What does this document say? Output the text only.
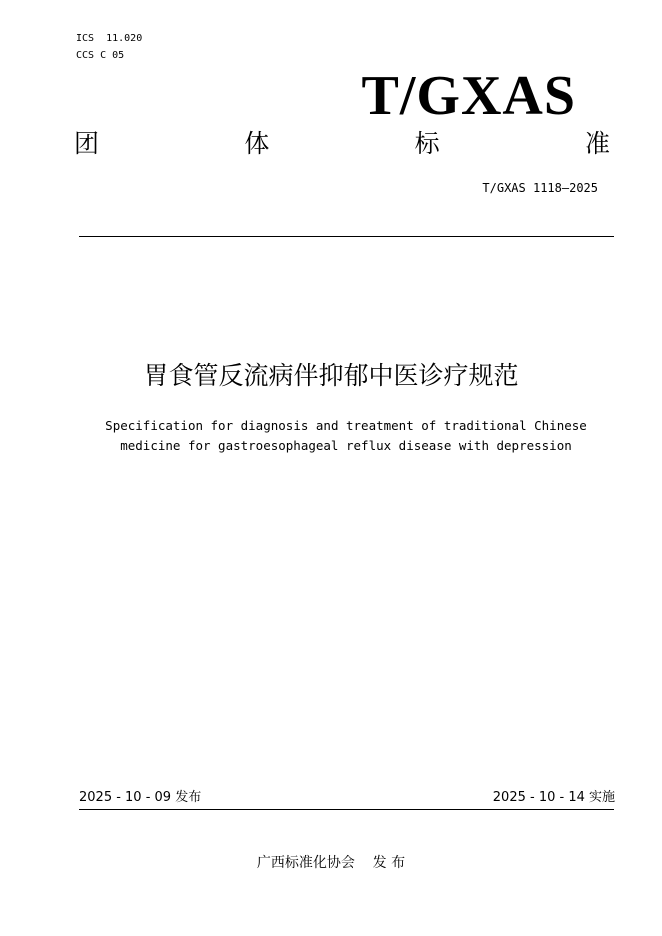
ICS  11.020
CCS C 05
T/GXAS
团	体	标	准
T/GXAS 1118—2025
胃食管反流病伴抑郁中医诊疗规范
Specification for diagnosis and treatment of traditional Chinese
medicine for gastroesophageal reflux disease with depression
2025 - 10 - 09 发布	2025 - 10 - 14 实施
广西标准化协会    发 布
